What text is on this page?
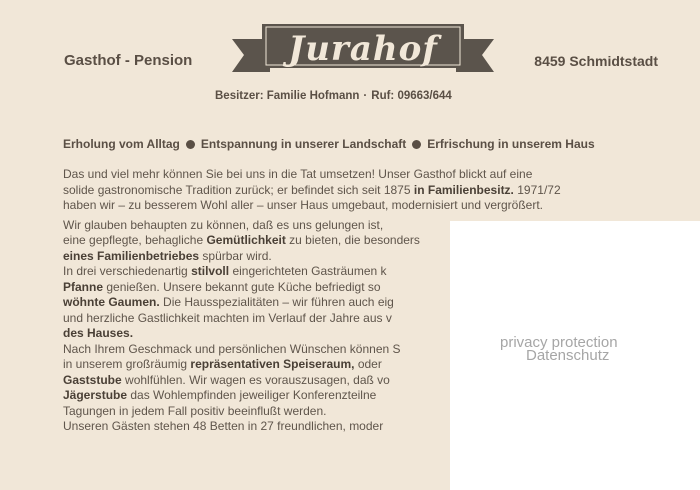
Gasthof - Pension	Jurahof	8459 Schmidtstadt
Besitzer: Familie Hofmann · Ruf: 09663/644
Erholung vom Alltag Entspannung in unserer Landschaft Erfrischung in unserem Haus
Das und viel mehr können Sie bei uns in die Tat umsetzen! Unser Gasthof blickt auf eine
solide gastronomische Tradition zurück; er befindet sich seit 1875 in Familienbesitz. 1971/72
haben wir – zu besserem Wohl aller – unser Haus umgebaut, modernisiert und vergrößert.
Wir glauben behaupten zu können, daß es uns gelungen ist,
eine gepflegte, behagliche Gemütlichkeit zu bieten, die besonders
eines Familienbetriebes spürbar wird.
In drei verschiedenartig stilvoll eingerichteten Gasträumen k
Pfanne genießen. Unsere bekannt gute Küche befriedigt so
wöhnte Gaumen. Die Hausspezialitäten – wir führen auch eig
und herzliche Gastlichkeit machten im Verlauf der Jahre aus v
des Hauses.
Nach Ihrem Geschmack und persönlichen Wünschen können S
in unserem großräumig repräsentativen Speiseraum, oder
Gaststube wohlfühlen. Wir wagen es vorauszusagen, daß vo
Jägerstube das Wohlempfinden jeweiliger Konferenzteilne
Tagungen in jedem Fall positiv beeinflußt werden.
Unseren Gästen stehen 48 Betten in 27 freundlichen, moder
privacy protection
Datenschutz
